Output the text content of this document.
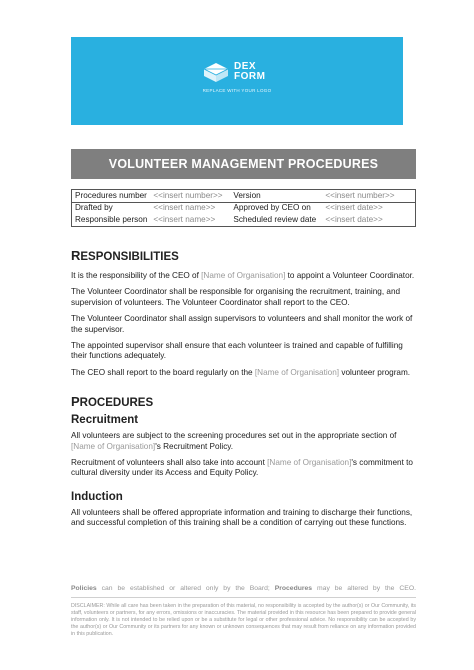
DEX
FORM
REPLACE WITH YOUR LOGO
VOLUNTEER MANAGEMENT PROCEDURES
Procedures number	<<insert number>>	Version	<<insert number>>
Drafted by	<<insert name>>	Approved by CEO on	<<insert date>>
Responsible person	<<insert name>>	Scheduled review date	<<insert date>>
RESPONSIBILITIES

It is the responsibility of the CEO of [Name of Organisation] to appoint a Volunteer Coordinator.

The Volunteer Coordinator shall be responsible for organising the recruitment, training, and supervision of volunteers. The Volunteer Coordinator shall report to the CEO.

The Volunteer Coordinator shall assign supervisors to volunteers and shall monitor the work of the supervisor.

The appointed supervisor shall ensure that each volunteer is trained and capable of fulfilling their functions adequately.

The CEO shall report to the board regularly on the [Name of Organisation] volunteer program.

PROCEDURES
Recruitment

All volunteers are subject to the screening procedures set out in the appropriate section of [Name of Organisation]'s Recruitment Policy.

Recruitment of volunteers shall also take into account [Name of Organisation]'s commitment to cultural diversity under its Access and Equity Policy.

Induction

All volunteers shall be offered appropriate information and training to discharge their functions, and successful completion of this training shall be a condition of carrying out these functions.

Policies can be established or altered only by the Board; Procedures may be altered by the CEO.
DISCLAIMER: While all care has been taken in the preparation of this material, no responsibility is accepted by the author(s) or Our Community, its staff, volunteers or partners, for any errors, omissions or inaccuracies. The material provided in this resource has been prepared to provide general information only. It is not intended to be relied upon or be a substitute for legal or other professional advice. No responsibility can be accepted by the author(s) or Our Community or its partners for any known or unknown consequences that may result from reliance on any information provided in this publication.
